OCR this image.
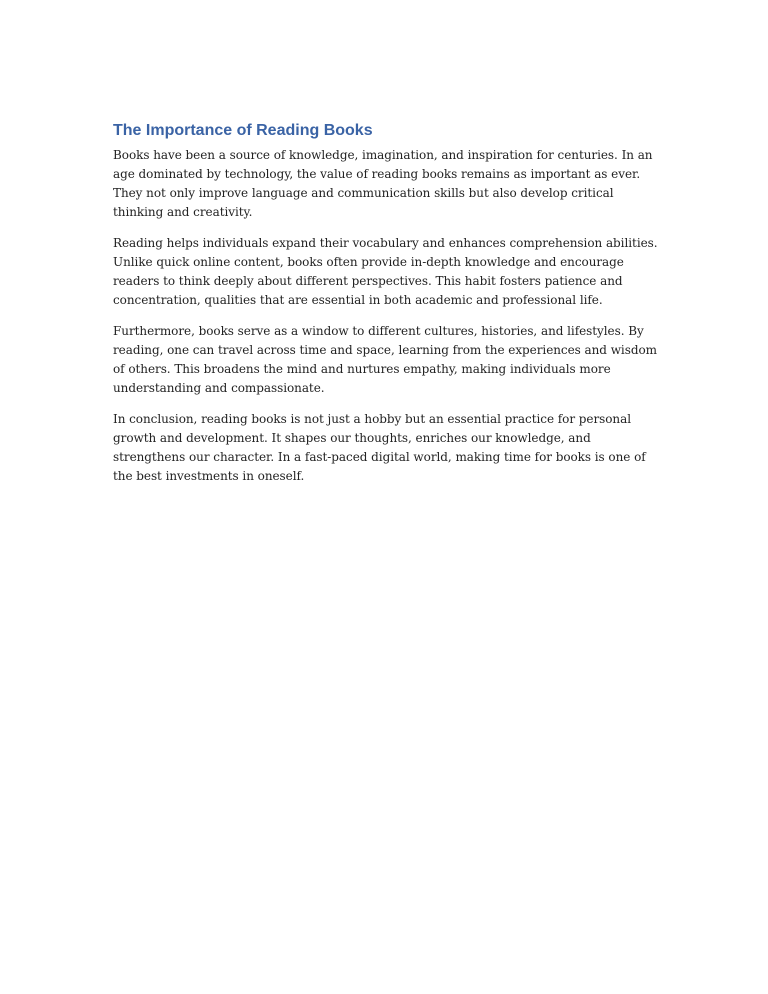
The Importance of Reading Books

Books have been a source of knowledge, imagination, and inspiration for centuries. In an age dominated by technology, the value of reading books remains as important as ever. They not only improve language and communication skills but also develop critical thinking and creativity.

Reading helps individuals expand their vocabulary and enhances comprehension abilities. Unlike quick online content, books often provide in-depth knowledge and encourage readers to think deeply about different perspectives. This habit fosters patience and concentration, qualities that are essential in both academic and professional life.

Furthermore, books serve as a window to different cultures, histories, and lifestyles. By reading, one can travel across time and space, learning from the experiences and wisdom of others. This broadens the mind and nurtures empathy, making individuals more understanding and compassionate.

In conclusion, reading books is not just a hobby but an essential practice for personal growth and development. It shapes our thoughts, enriches our knowledge, and strengthens our character. In a fast-paced digital world, making time for books is one of the best investments in oneself.
